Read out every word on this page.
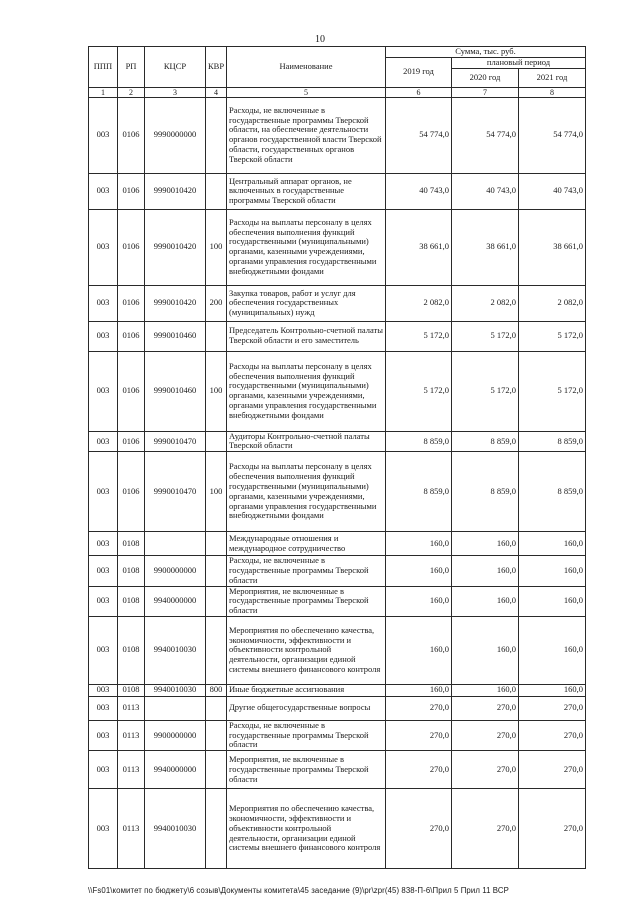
10
ППП	РП	КЦСР	КВР	Наименование	Сумма, тыс. руб.		
					2019 год	плановый период	
						2020 год	2021 год
1	2	3	4	5	6	7	8
003	0106	9990000000		Расходы, не включенные в государственные программы Тверской области, на обеспечение деятельности органов государственной власти Тверской области, государственных органов Тверской области	54 774,0	54 774,0	54 774,0
003	0106	9990010420		Центральный аппарат органов, не включенных в государственные программы Тверской области	40 743,0	40 743,0	40 743,0
003	0106	9990010420	100	Расходы на выплаты персоналу в целях обеспечения выполнения функций государственными (муниципальными) органами, казенными учреждениями, органами управления государственными внебюджетными фондами	38 661,0	38 661,0	38 661,0
003	0106	9990010420	200	Закупка товаров, работ и услуг для обеспечения государственных (муниципальных) нужд	2 082,0	2 082,0	2 082,0
003	0106	9990010460		Председатель Контрольно-счетной палаты Тверской области и его заместитель	5 172,0	5 172,0	5 172,0
003	0106	9990010460	100	Расходы на выплаты персоналу в целях обеспечения выполнения функций государственными (муниципальными) органами, казенными учреждениями, органами управления государственными внебюджетными фондами	5 172,0	5 172,0	5 172,0
003	0106	9990010470		Аудиторы Контрольно-счетной палаты Тверской области	8 859,0	8 859,0	8 859,0
003	0106	9990010470	100	Расходы на выплаты персоналу в целях обеспечения выполнения функций государственными (муниципальными) органами, казенными учреждениями, органами управления государственными внебюджетными фондами	8 859,0	8 859,0	8 859,0
003	0108			Международные отношения и международное сотрудничество	160,0	160,0	160,0
003	0108	9900000000		Расходы, не включенные в государственные программы Тверской области	160,0	160,0	160,0
003	0108	9940000000		Мероприятия, не включенные в государственные программы Тверской области	160,0	160,0	160,0
003	0108	9940010030		Мероприятия по обеспечению качества, экономичности, эффективности и объективности контрольной деятельности, организации единой системы внешнего финансового контроля	160,0	160,0	160,0
003	0108	9940010030	800	Иные бюджетные ассигнования	160,0	160,0	160,0
003	0113			Другие общегосударственные вопросы	270,0	270,0	270,0
003	0113	9900000000		Расходы, не включенные в государственные программы Тверской области	270,0	270,0	270,0
003	0113	9940000000		Мероприятия, не включенные в государственные программы Тверской области	270,0	270,0	270,0
003	0113	9940010030		Мероприятия по обеспечению качества, экономичности, эффективности и объективности контрольной деятельности, организации единой системы внешнего финансового контроля	270,0	270,0	270,0
\\Fs01\комитет по бюджету\6 созыв\Документы комитета\45 заседание (9)\pr\zpr(45) 838-П-6\Прил 5 Прил 11 ВСР
